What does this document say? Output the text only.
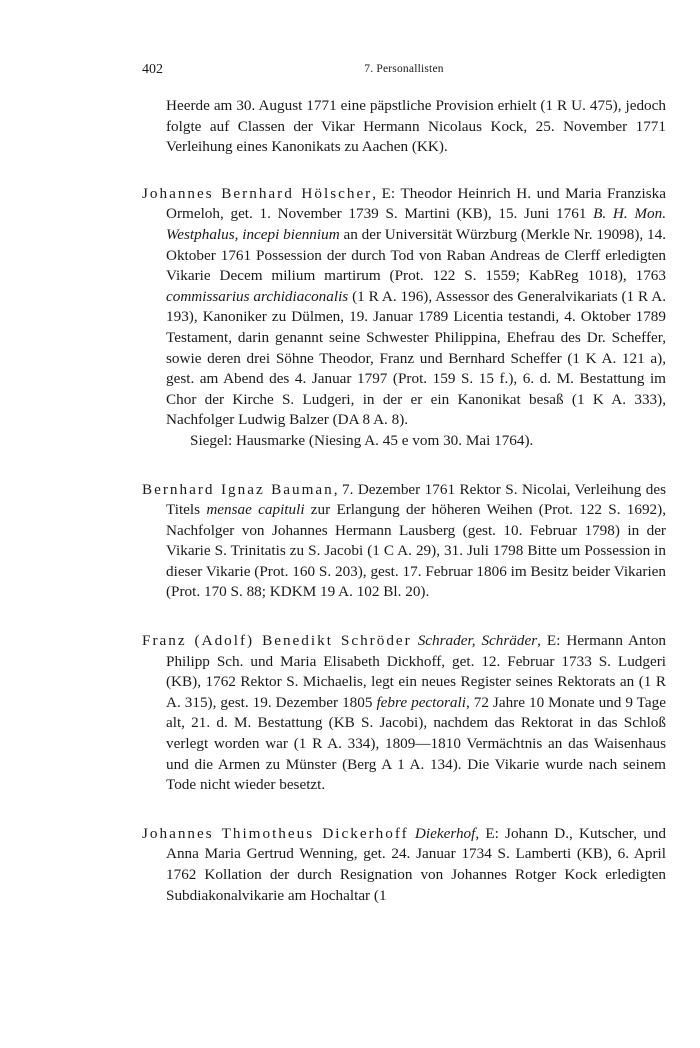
402	7. Personallisten

Heerde am 30. August 1771 eine päpstliche Provision erhielt (1 R U. 475), jedoch folgte auf Classen der Vikar Hermann Nicolaus Kock, 25. November 1771 Verleihung eines Kanonikats zu Aachen (KK).

Johannes Bernhard Hölscher, E: Theodor Heinrich H. und Maria Franziska Ormeloh, get. 1. November 1739 S. Martini (KB), 15. Juni 1761 B. H. Mon. Westphalus, incepi biennium an der Universität Würzburg (Merkle Nr. 19098), 14. Oktober 1761 Possession der durch Tod von Raban Andreas de Clerff erledigten Vikarie Decem milium martirum (Prot. 122 S. 1559; KabReg 1018), 1763 commissarius archidiaconalis (1 R A. 196), Assessor des Generalvikariats (1 R A. 193), Kanoniker zu Dülmen, 19. Januar 1789 Licentia testandi, 4. Oktober 1789 Testament, darin genannt seine Schwester Philippina, Ehefrau des Dr. Scheffer, sowie deren drei Söhne Theodor, Franz und Bernhard Scheffer (1 K A. 121 a), gest. am Abend des 4. Januar 1797 (Prot. 159 S. 15 f.), 6. d. M. Bestattung im Chor der Kirche S. Ludgeri, in der er ein Kanonikat besaß (1 K A. 333), Nachfolger Ludwig Balzer (DA 8 A. 8).
Siegel: Hausmarke (Niesing A. 45 e vom 30. Mai 1764).

Bernhard Ignaz Bauman, 7. Dezember 1761 Rektor S. Nicolai, Verleihung des Titels mensae capituli zur Erlangung der höheren Weihen (Prot. 122 S. 1692), Nachfolger von Johannes Hermann Lausberg (gest. 10. Februar 1798) in der Vikarie S. Trinitatis zu S. Jacobi (1 C A. 29), 31. Juli 1798 Bitte um Possession in dieser Vikarie (Prot. 160 S. 203), gest. 17. Februar 1806 im Besitz beider Vikarien (Prot. 170 S. 88; KDKM 19 A. 102 Bl. 20).

Franz (Adolf) Benedikt Schröder Schrader, Schräder, E: Hermann Anton Philipp Sch. und Maria Elisabeth Dickhoff, get. 12. Februar 1733 S. Ludgeri (KB), 1762 Rektor S. Michaelis, legt ein neues Register seines Rektorats an (1 R A. 315), gest. 19. Dezember 1805 febre pectorali, 72 Jahre 10 Monate und 9 Tage alt, 21. d. M. Bestattung (KB S. Jacobi), nachdem das Rektorat in das Schloß verlegt worden war (1 R A. 334), 1809—1810 Vermächtnis an das Waisenhaus und die Armen zu Münster (Berg A 1 A. 134). Die Vikarie wurde nach seinem Tode nicht wieder besetzt.

Johannes Thimotheus Dickerhoff Diekerhof, E: Johann D., Kutscher, und Anna Maria Gertrud Wenning, get. 24. Januar 1734 S. Lamberti (KB), 6. April 1762 Kollation der durch Resignation von Johannes Rotger Kock erledigten Subdiakonalvikarie am Hochaltar (1
